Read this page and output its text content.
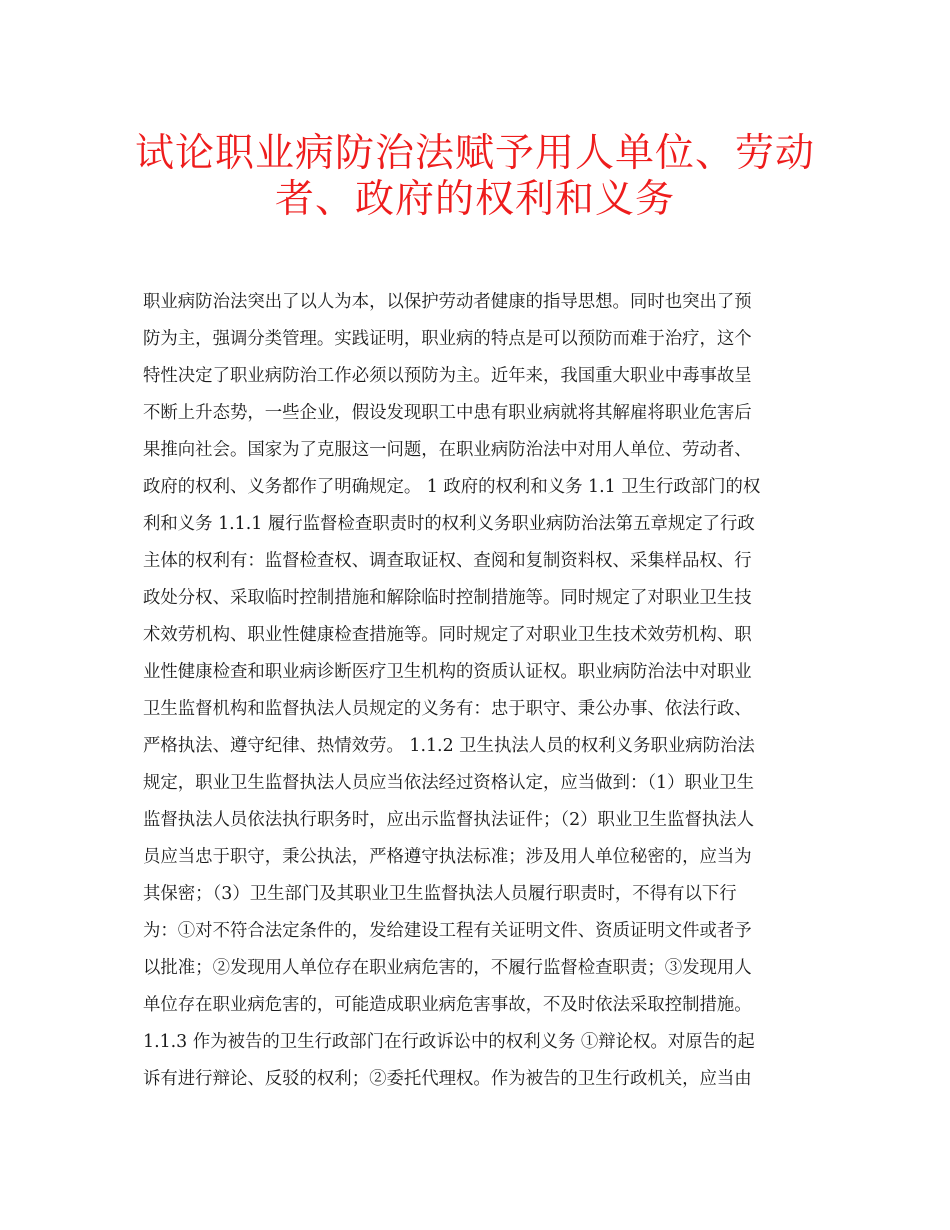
试论职业病防治法赋予用人单位、劳动
者、政府的权利和义务
职业病防治法突出了以人为本，以保护劳动者健康的指导思想。同时也突出了预
防为主，强调分类管理。实践证明，职业病的特点是可以预防而难于治疗，这个
特性决定了职业病防治工作必须以预防为主。近年来，我国重大职业中毒事故呈
不断上升态势，一些企业，假设发现职工中患有职业病就将其解雇将职业危害后
果推向社会。国家为了克服这一问题，在职业病防治法中对用人单位、劳动者、
政府的权利、义务都作了明确规定。 1 政府的权利和义务 1.1 卫生行政部门的权
利和义务 1.1.1 履行监督检查职责时的权利义务职业病防治法第五章规定了行政
主体的权利有：监督检查权、调查取证权、查阅和复制资料权、采集样品权、行
政处分权、采取临时控制措施和解除临时控制措施等。同时规定了对职业卫生技
术效劳机构、职业性健康检查措施等。同时规定了对职业卫生技术效劳机构、职
业性健康检查和职业病诊断医疗卫生机构的资质认证权。职业病防治法中对职业
卫生监督机构和监督执法人员规定的义务有：忠于职守、秉公办事、依法行政、
严格执法、遵守纪律、热情效劳。 1.1.2 卫生执法人员的权利义务职业病防治法
规定，职业卫生监督执法人员应当依法经过资格认定，应当做到：（1）职业卫生
监督执法人员依法执行职务时，应出示监督执法证件；（2）职业卫生监督执法人
员应当忠于职守，秉公执法，严格遵守执法标准；涉及用人单位秘密的，应当为
其保密；（3）卫生部门及其职业卫生监督执法人员履行职责时，不得有以下行
为：①对不符合法定条件的，发给建设工程有关证明文件、资质证明文件或者予
以批准；②发现用人单位存在职业病危害的，不履行监督检查职责；③发现用人
单位存在职业病危害的，可能造成职业病危害事故，不及时依法采取控制措施。
1.1.3 作为被告的卫生行政部门在行政诉讼中的权利义务 ①辩论权。对原告的起
诉有进行辩论、反驳的权利；②委托代理权。作为被告的卫生行政机关，应当由
